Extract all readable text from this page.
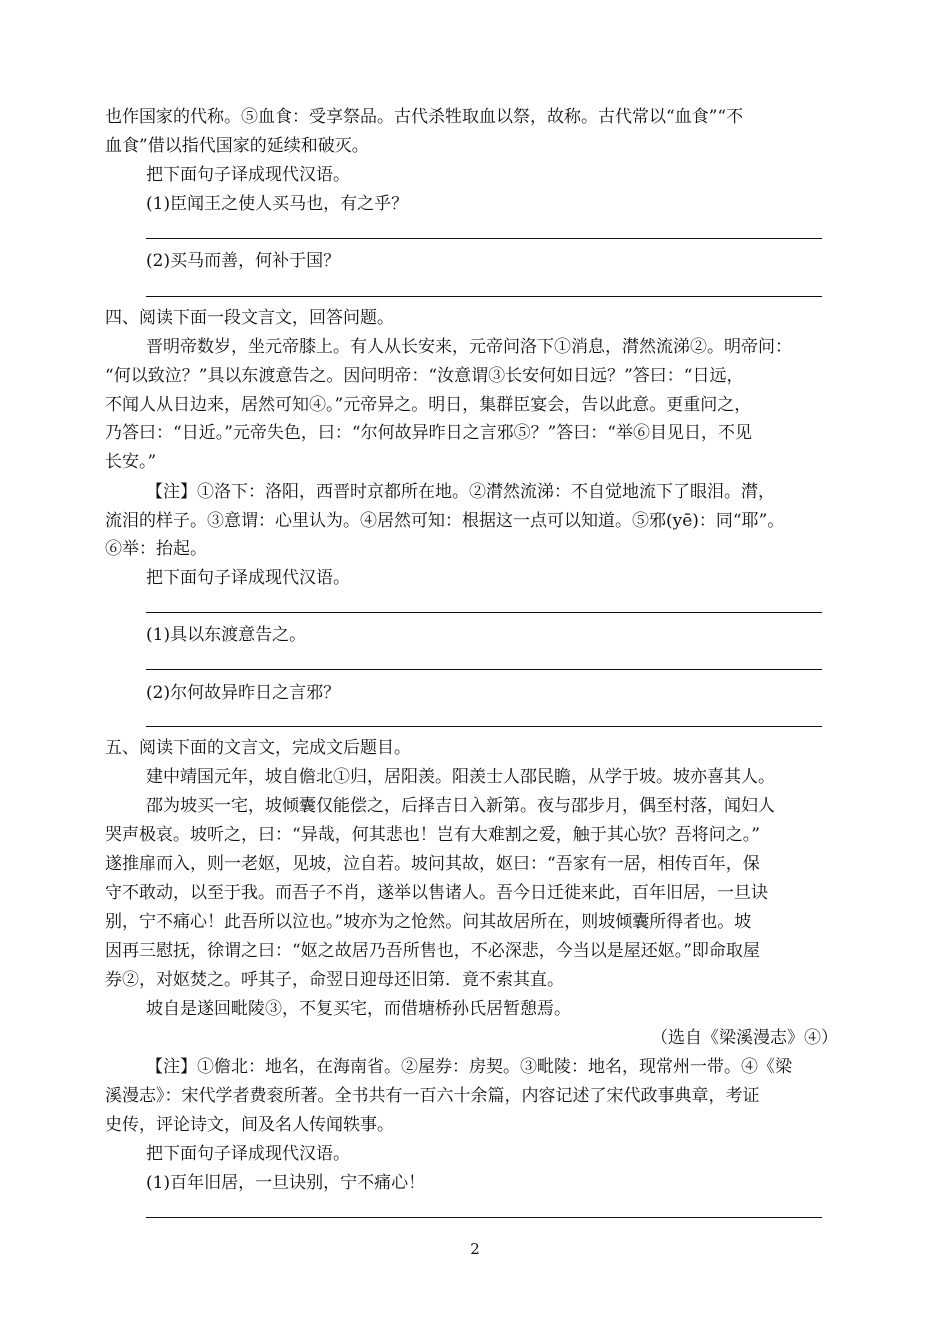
也作国家的代称。⑤血食：受享祭品。古代杀牲取血以祭，故称。古代常以“血食”“不
血食”借以指代国家的延续和破灭。
把下面句子译成现代汉语。
(1)臣闻王之使人买马也，有之乎？
(2)买马而善，何补于国？
四、阅读下面一段文言文，回答问题。
晋明帝数岁，坐元帝膝上。有人从长安来，元帝问洛下①消息，潸然流涕②。明帝问：
“何以致泣？”具以东渡意告之。因问明帝：“汝意谓③长安何如日远？”答曰：“日远，
不闻人从日边来，居然可知④。”元帝异之。明日，集群臣宴会，告以此意。更重问之，
乃答曰：“日近。”元帝失色，曰：“尔何故异昨日之言邪⑤？”答曰：“举⑥目见日，不见
长安。”
【注】①洛下：洛阳，西晋时京都所在地。②潸然流涕：不自觉地流下了眼泪。潸，
流泪的样子。③意谓：心里认为。④居然可知：根据这一点可以知道。⑤邪(yē)：同“耶”。
⑥举：抬起。
把下面句子译成现代汉语。
(1)具以东渡意告之。
(2)尔何故异昨日之言邪？
五、阅读下面的文言文，完成文后题目。
建中靖国元年，坡自儋北①归，居阳羡。阳羡士人邵民瞻，从学于坡。坡亦喜其人。
邵为坡买一宅，坡倾囊仅能偿之，后择吉日入新第。夜与邵步月，偶至村落，闻妇人
哭声极哀。坡听之，曰：“异哉，何其悲也！岂有大难割之爱，触于其心欤？吾将问之。”
遂推扉而入，则一老妪，见坡，泣自若。坡问其故，妪曰：“吾家有一居，相传百年，保
守不敢动，以至于我。而吾子不肖，遂举以售诸人。吾今日迁徙来此，百年旧居，一旦诀
别，宁不痛心！此吾所以泣也。”坡亦为之怆然。问其故居所在，则坡倾囊所得者也。坡
因再三慰抚，徐谓之曰：“妪之故居乃吾所售也，不必深悲，今当以是屋还妪。”即命取屋
券②，对妪焚之。呼其子，命翌日迎母还旧第．竟不索其直。
坡自是遂回毗陵③，不复买宅，而借塘桥孙氏居暂憩焉。
（选自《梁溪漫志》④）
【注】①儋北：地名，在海南省。②屋券：房契。③毗陵：地名，现常州一带。④《梁
溪漫志》：宋代学者费衮所著。全书共有一百六十余篇，内容记述了宋代政事典章，考证
史传，评论诗文，间及名人传闻轶事。
把下面句子译成现代汉语。
(1)百年旧居，一旦诀别，宁不痛心！
2
